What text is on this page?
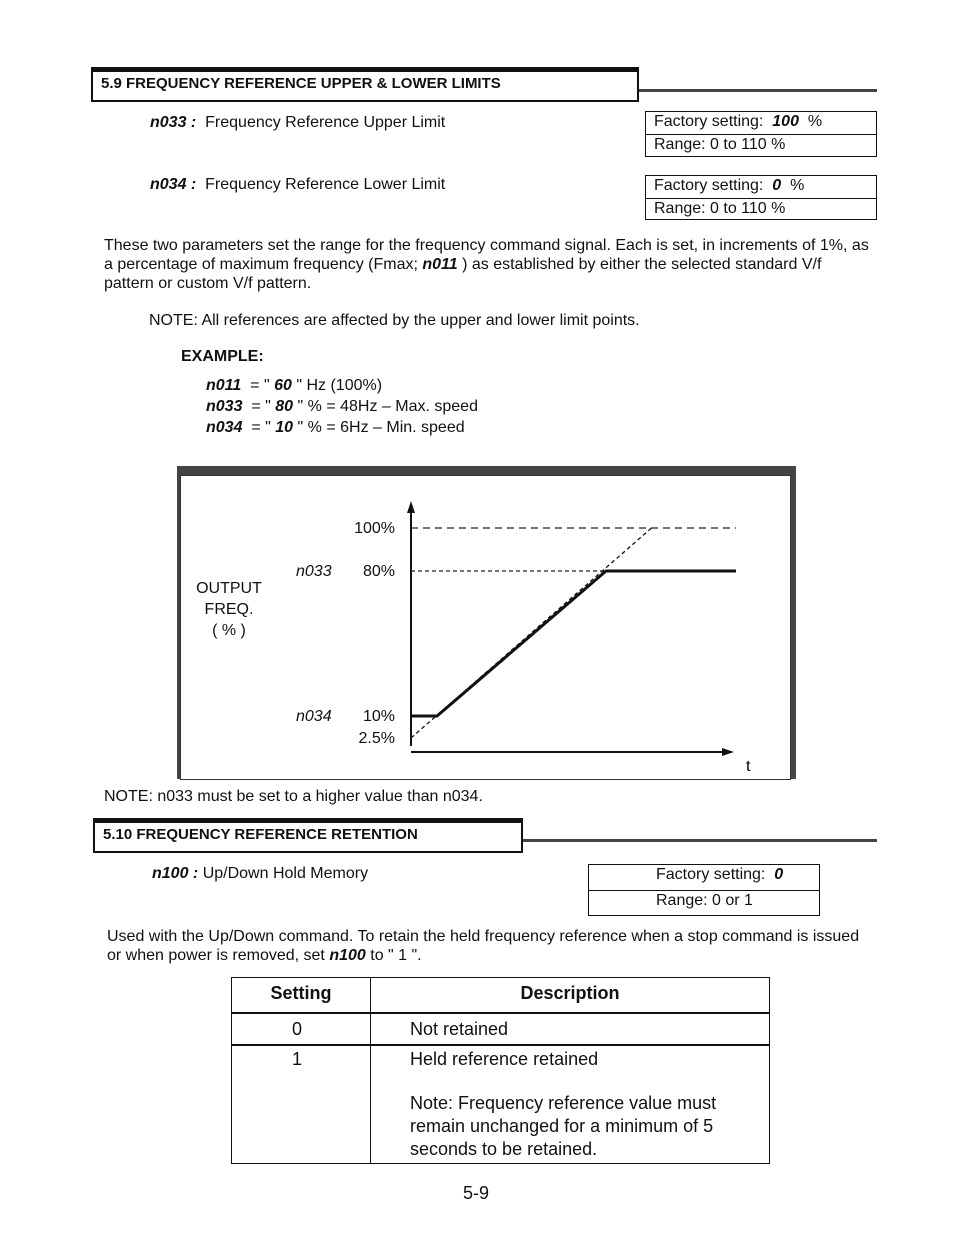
5.9 FREQUENCY REFERENCE UPPER & LOWER LIMITS
n033 : Frequency Reference Upper Limit	Factory setting: 100 %
Range: 0 to 110 %
n034 : Frequency Reference Lower Limit	Factory setting: 0 %
Range: 0 to 110 %
These two parameters set the range for the frequency command signal. Each is set, in increments of 1%, as a percentage of maximum frequency (Fmax; n011 ) as established by either the selected standard V/f pattern or custom V/f pattern.
NOTE: All references are affected by the upper and lower limit points.
EXAMPLE:
n011 = " 60 " Hz (100%)
n033 = " 80 " % = 48Hz – Max. speed
n034 = " 10 " % = 6Hz – Min. speed
OUTPUT
FREQ.
( % )
100%
80%
n033
10%
n034
2.5%
t
NOTE: n033 must be set to a higher value than n034.
5.10 FREQUENCY REFERENCE RETENTION
n100 : Up/Down Hold Memory	Factory setting: 0
Range: 0 or 1
Used with the Up/Down command. To retain the held frequency reference when a stop command is issued or when power is removed, set n100 to " 1 ".
Setting	Description
0	Not retained
1	Held reference retained
Note: Frequency reference value must remain unchanged for a minimum of 5 seconds to be retained.
5-9
